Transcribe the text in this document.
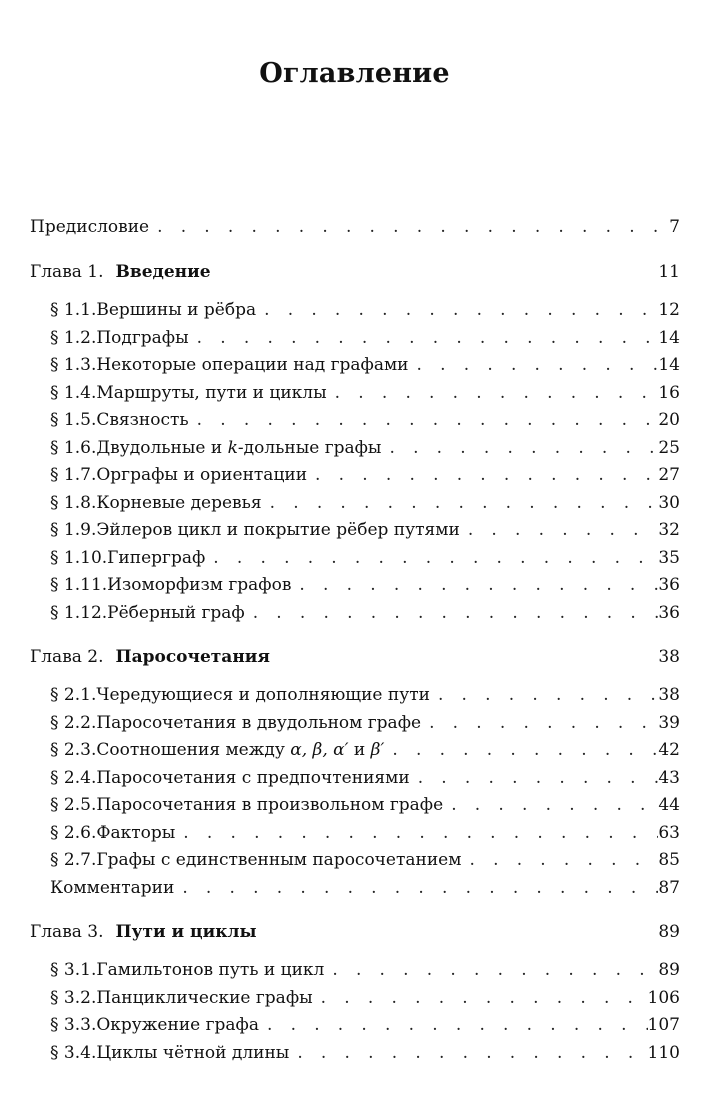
Оглавление
Предисловие . . .	7
Глава 1. Введение	11
§ 1.1. Вершины и рёбра . . .	12
§ 1.2. Подграфы . . .	14
§ 1.3. Некоторые операции над графами . . .	14
§ 1.4. Маршруты, пути и циклы . . .	16
§ 1.5. Связность . . .	20
§ 1.6. Двудольные и k-дольные графы . . .	25
§ 1.7. Орграфы и ориентации . . .	27
§ 1.8. Корневые деревья . . .	30
§ 1.9. Эйлеров цикл и покрытие рёбер путями . . .	32
§ 1.10. Гиперграф . . .	35
§ 1.11. Изоморфизм графов . . .	36
§ 1.12. Рёберный граф . . .	36
Глава 2. Паросочетания	38
§ 2.1. Чередующиеся и дополняющие пути . . .	38
§ 2.2. Паросочетания в двудольном графе . . .	39
§ 2.3. Соотношения между α, β, α′ и β′ . . .	42
§ 2.4. Паросочетания с предпочтениями . . .	43
§ 2.5. Паросочетания в произвольном графе . . .	44
§ 2.6. Факторы . . .	63
§ 2.7. Графы с единственным паросочетанием . . .	85
Комментарии . . .	87
Глава 3. Пути и циклы	89
§ 3.1. Гамильтонов путь и цикл . . .	89
§ 3.2. Панциклические графы . . .	106
§ 3.3. Окружение графа . . .	107
§ 3.4. Циклы чётной длины . . .	110
